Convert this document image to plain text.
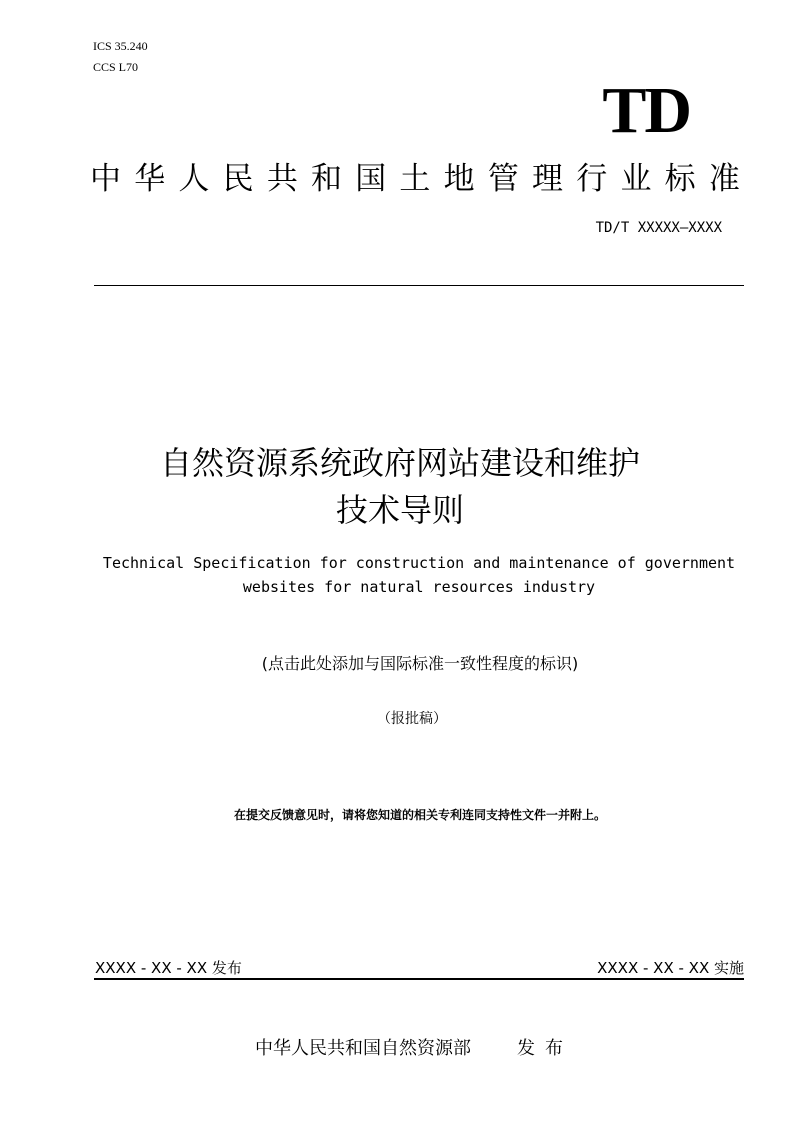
ICS 35.240
CCS L70
TD
中 华 人 民 共 和 国 土 地 管 理 行 业 标 准
TD/T XXXXX—XXXX
自然资源系统政府网站建设和维护
技术导则
Technical Specification for construction and maintenance of government
websites for natural resources industry
(点击此处添加与国际标准一致性程度的标识)
（报批稿）
在提交反馈意见时，请将您知道的相关专利连同支持性文件一并附上。
XXXX - XX - XX 发布	XXXX - XX - XX 实施
中华人民共和国自然资源部	发布
